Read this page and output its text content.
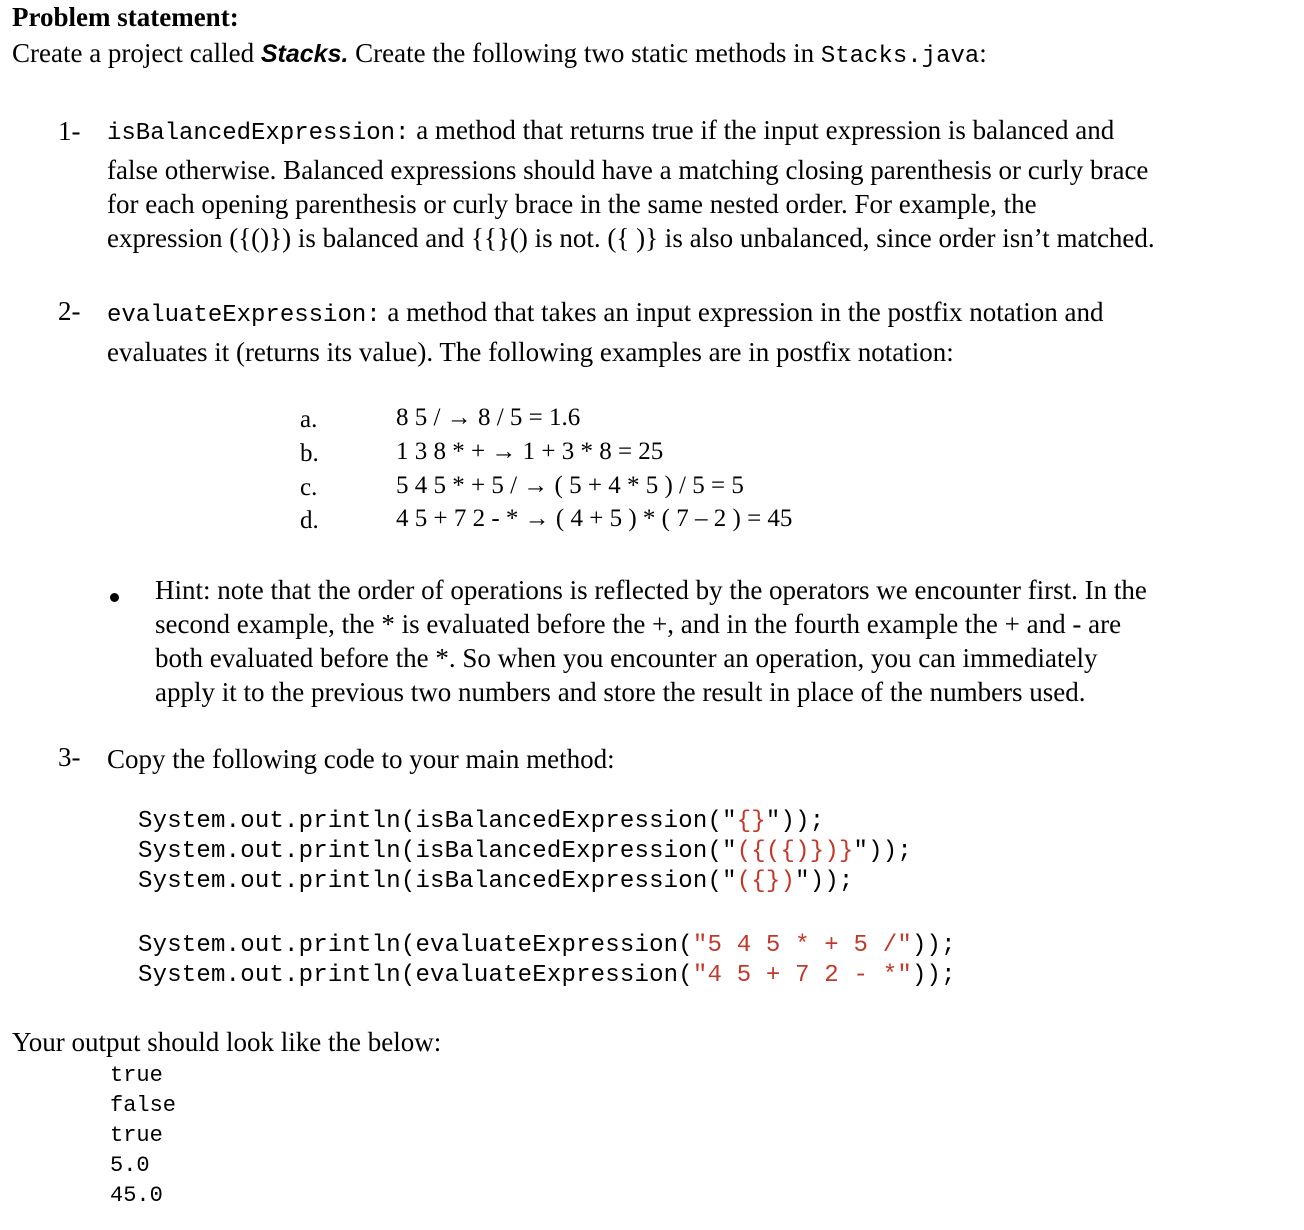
Problem statement:
Create a project called Stacks. Create the following two static methods in Stacks.java:
1- isBalancedExpression: a method that returns true if the input expression is balanced and
false otherwise. Balanced expressions should have a matching closing parenthesis or curly brace
for each opening parenthesis or curly brace in the same nested order. For example, the
expression ({()}) is balanced and {{}() is not. ({ )} is also unbalanced, since order isn’t matched.
2- evaluateExpression: a method that takes an input expression in the postfix notation and
evaluates it (returns its value). The following examples are in postfix notation:
a.	8 5 / → 8 / 5 = 1.6
b.	1 3 8 * + → 1 + 3 * 8 = 25
c.	5 4 5 * + 5 / → ( 5 + 4 * 5 ) / 5 = 5
d.	4 5 + 7 2 - * → ( 4 + 5 ) * ( 7 – 2 ) = 45
Hint: note that the order of operations is reflected by the operators we encounter first. In the
second example, the * is evaluated before the +, and in the fourth example the + and - are
both evaluated before the *. So when you encounter an operation, you can immediately
apply it to the previous two numbers and store the result in place of the numbers used.
3- Copy the following code to your main method:
System.out.println(isBalancedExpression("{}"));
System.out.println(isBalancedExpression("({({)})}"));
System.out.println(isBalancedExpression("({})"));
System.out.println(evaluateExpression("5 4 5 * + 5 /"));
System.out.println(evaluateExpression("4 5 + 7 2 - *"));
Your output should look like the below:
true
false
true
5.0
45.0
